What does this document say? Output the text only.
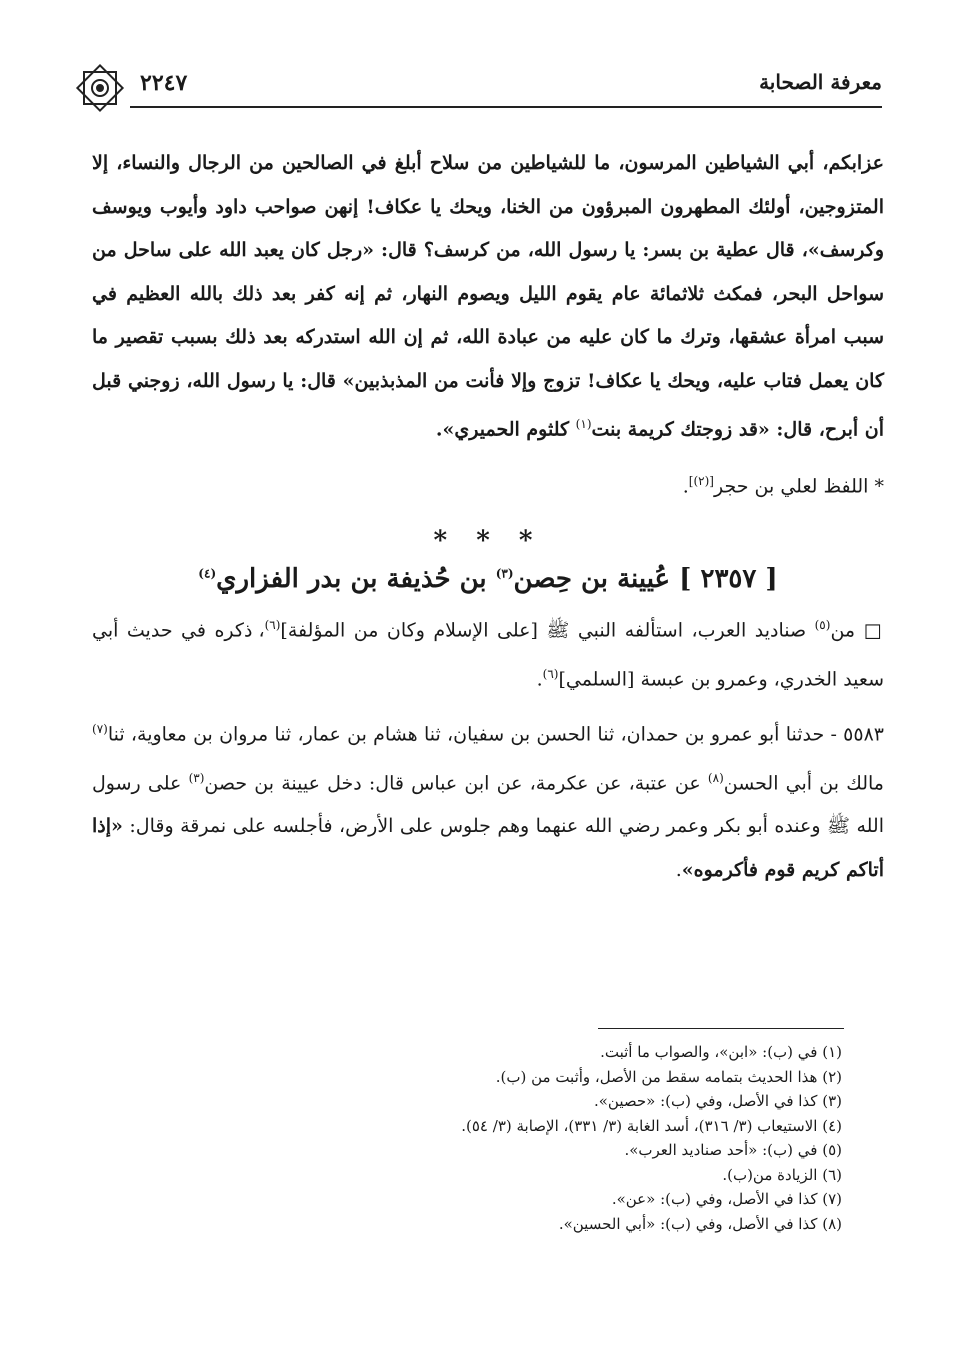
معرفة الصحابة
٢٢٤٧

عزابكم، أبي الشياطين المرسون، ما للشياطين من سلاح أبلغ في الصالحين من الرجال والنساء، إلا المتزوجين، أولئك المطهرون المبرؤون من الخنا، ويحك يا عكاف! إنهن صواحب داود وأيوب ويوسف وكرسف»، قال عطية بن بسر: يا رسول الله، من كرسف؟ قال: «رجل كان يعبد الله على ساحل من سواحل البحر، فمكث ثلاثمائة عام يقوم الليل ويصوم النهار، ثم إنه كفر بعد ذلك بالله العظيم في سبب امرأة عشقها، وترك ما كان عليه من عبادة الله، ثم إن الله استدركه بعد ذلك بسبب تقصير ما كان يعمل فتاب عليه، ويحك يا عكاف! تزوج وإلا فأنت من المذبذبين» قال: يا رسول الله، زوجني قبل أن أبرح، قال: «قد زوجتك كريمة بنت$^{(١)}$ كلثوم الحميري».

* اللفظ لعلي بن حجر[(٢)].

* * *
[ ٢٣٥٧ ] عُيينة بن حِصن$^{(٣)}$ بن حُذيفة بن بدر الفزاري$^{(٤)}$

□ من$^{(٥)}$ صناديد العرب، استألفه النبي ﷺ [على الإسلام وكان من المؤلفة]$^{(٦)}$، ذكره في حديث أبي سعيد الخدري، وعمرو بن عبسة [السلمي]$^{(٦)}$.

٥٥٨٣ - حدثنا أبو عمرو بن حمدان، ثنا الحسن بن سفيان، ثنا هشام بن عمار، ثنا مروان بن معاوية، ثنا$^{(٧)}$ مالك بن أبي الحسن$^{(٨)}$ عن عتبة، عن عكرمة، عن ابن عباس قال: دخل عيينة بن حصن$^{(٣)}$ على رسول الله ﷺ وعنده أبو بكر وعمر رضي الله عنهما وهم جلوس على الأرض، فأجلسه على نمرقة وقال: «إذا أتاكم كريم قوم فأكرموه».

(١) في (ب): «ابن»، والصواب ما أثبت.

(٢) هذا الحديث بتمامه سقط من الأصل، وأثبت من (ب).

(٣) كذا في الأصل، وفي (ب): «حصين».

(٤) الاستيعاب (٣/ ٣١٦)، أسد الغابة (٣/ ٣٣١)، الإصابة (٣/ ٥٤).

(٥) في (ب): «أحد صناديد العرب».

(٦) الزيادة من(ب).

(٧) كذا في الأصل، وفي (ب): «عن».

(٨) كذا في الأصل، وفي (ب): «أبي الحسين».
